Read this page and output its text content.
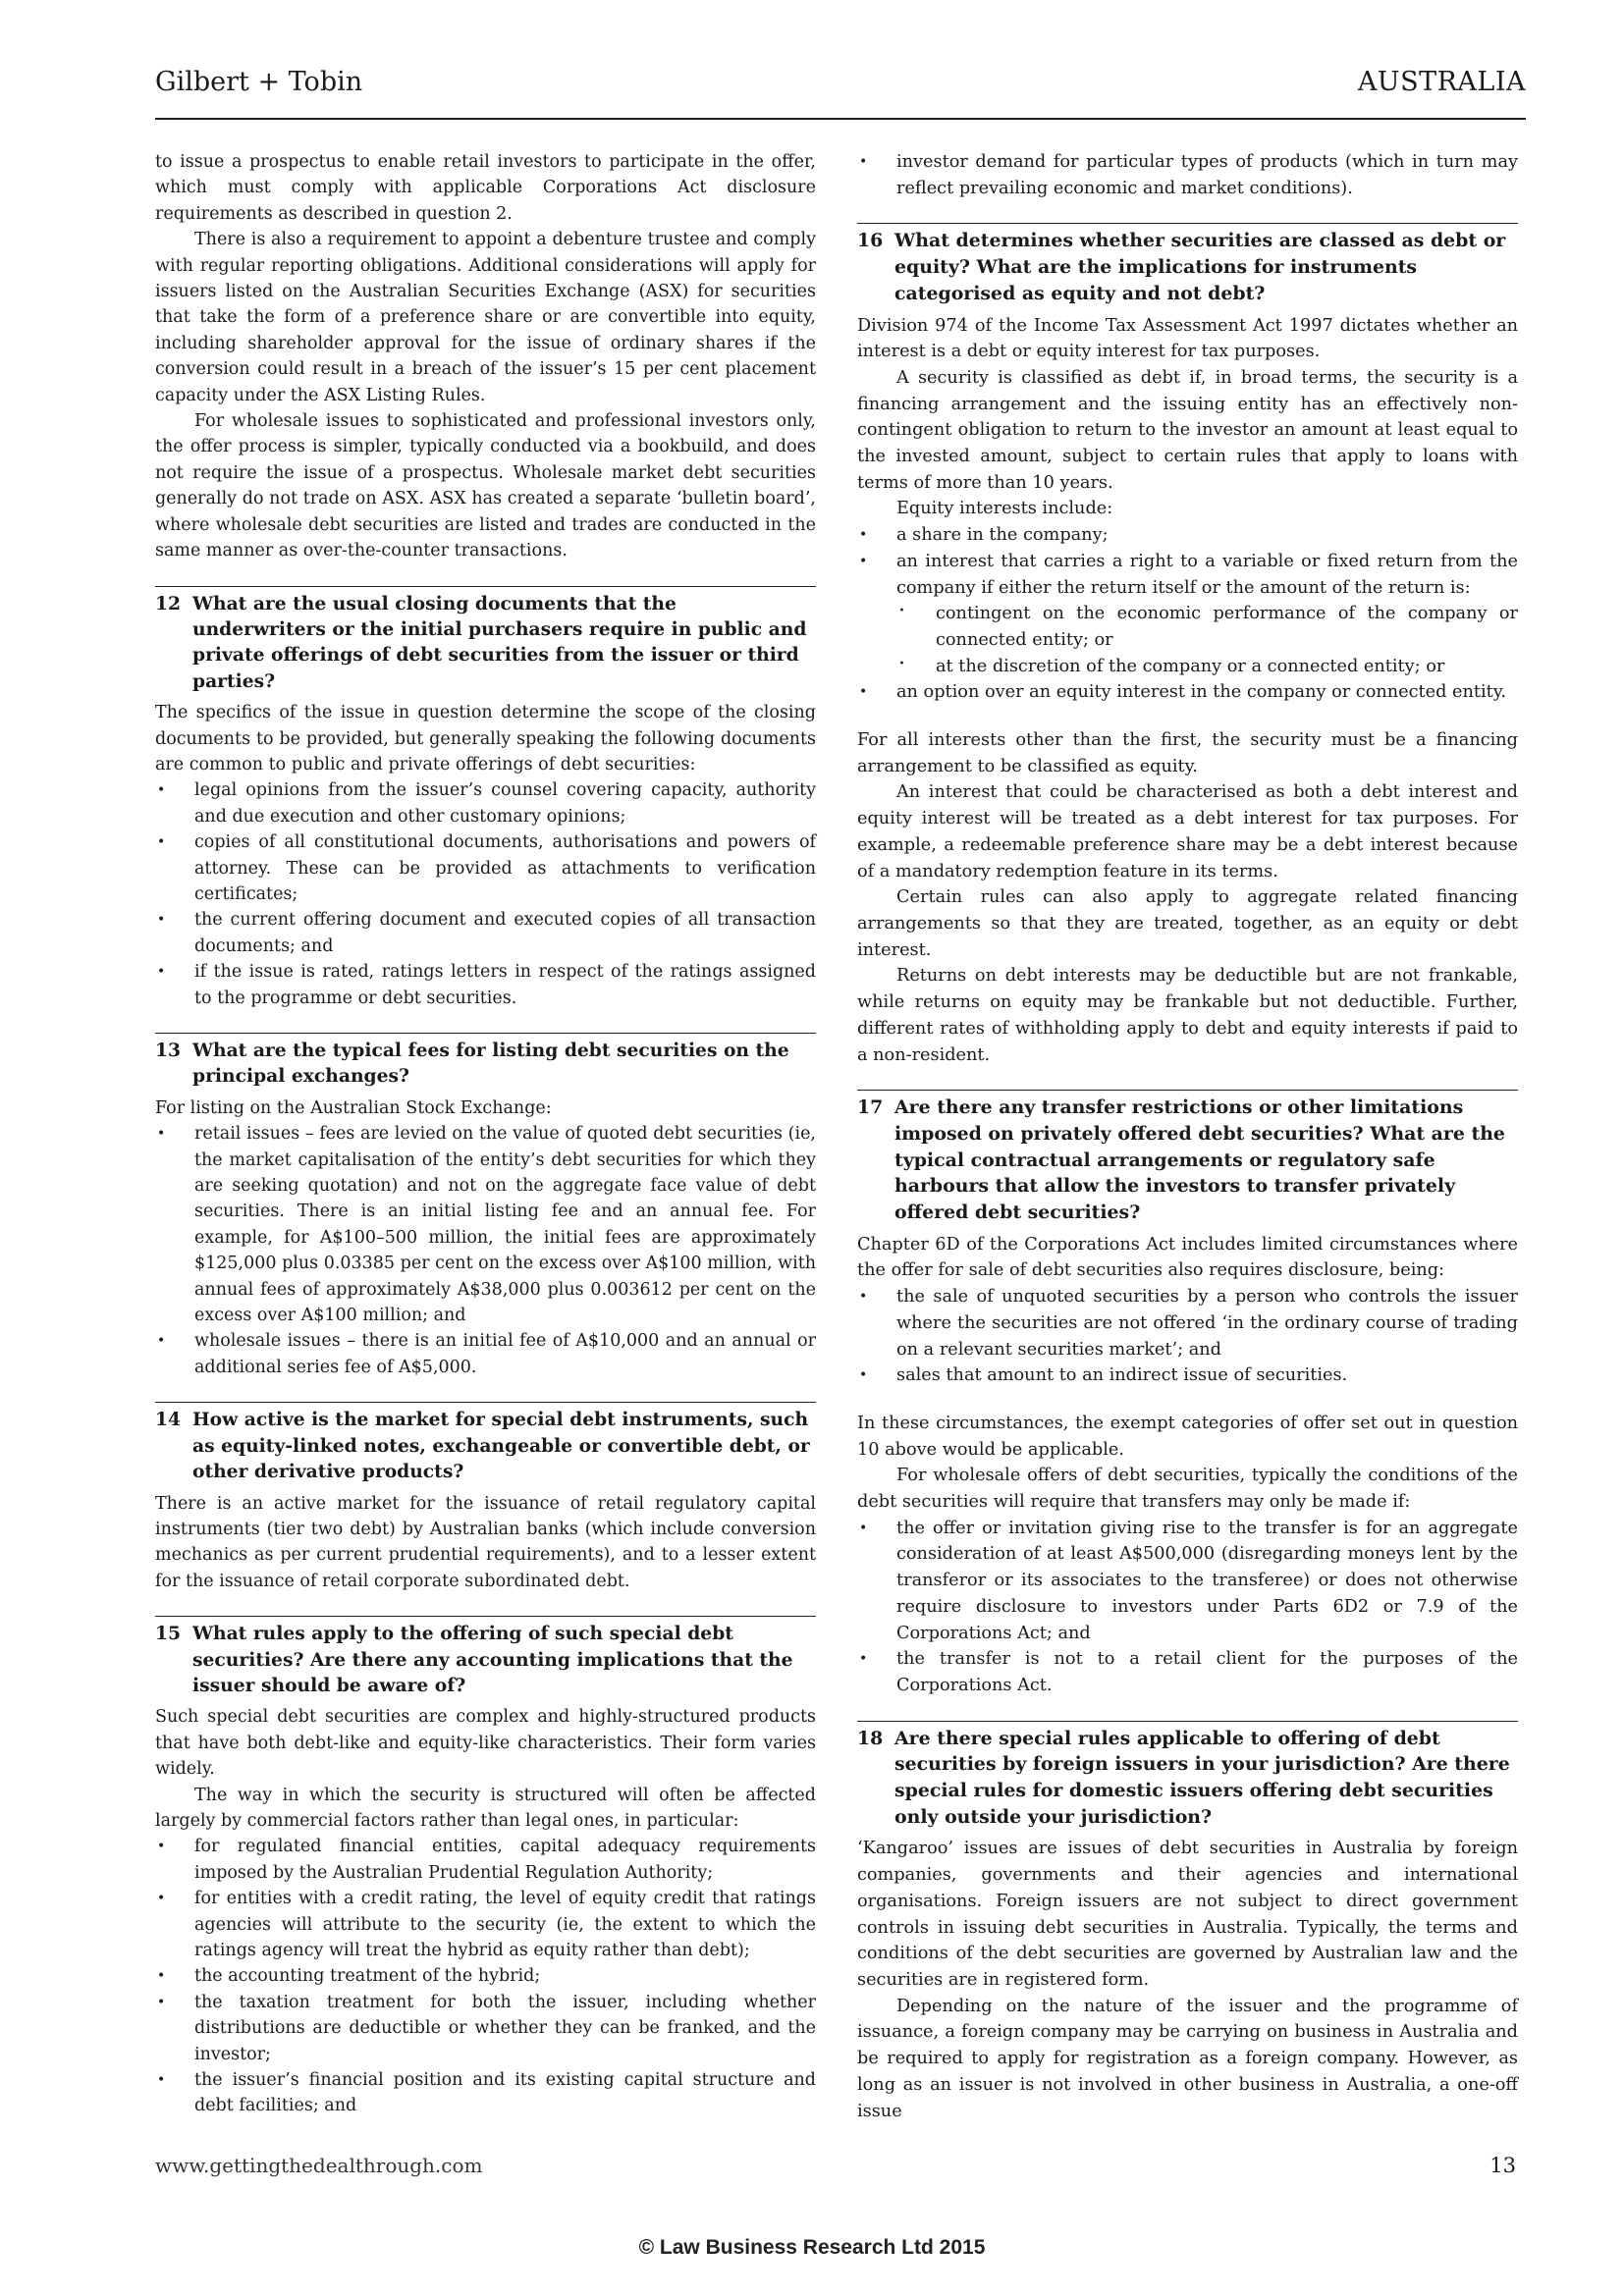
Gilbert + Tobin	AUSTRALIA

to issue a prospectus to enable retail investors to participate in the offer, which must comply with applicable Corporations Act disclosure requirements as described in question 2.

There is also a requirement to appoint a debenture trustee and comply with regular reporting obligations. Additional considerations will apply for issuers listed on the Australian Securities Exchange (ASX) for securities that take the form of a preference share or are convertible into equity, including shareholder approval for the issue of ordinary shares if the conversion could result in a breach of the issuer’s 15 per cent placement capacity under the ASX Listing Rules.

For wholesale issues to sophisticated and professional investors only, the offer process is simpler, typically conducted via a bookbuild, and does not require the issue of a prospectus. Wholesale market debt securities generally do not trade on ASX. ASX has created a separate ‘bulletin board’, where wholesale debt securities are listed and trades are conducted in the same manner as over-the-counter transactions.

12 What are the usual closing documents that the underwriters or the initial purchasers require in public and private offerings of debt securities from the issuer or third parties?

The specifics of the issue in question determine the scope of the closing documents to be provided, but generally speaking the following documents are common to public and private offerings of debt securities:

• legal opinions from the issuer’s counsel covering capacity, authority and due execution and other customary opinions;
• copies of all constitutional documents, authorisations and powers of attorney. These can be provided as attachments to verification certificates;
• the current offering document and executed copies of all transaction documents; and
• if the issue is rated, ratings letters in respect of the ratings assigned to the programme or debt securities.
13 What are the typical fees for listing debt securities on the principal exchanges?

For listing on the Australian Stock Exchange:

• retail issues – fees are levied on the value of quoted debt securities (ie, the market capitalisation of the entity’s debt securities for which they are seeking quotation) and not on the aggregate face value of debt securities. There is an initial listing fee and an annual fee. For example, for A$100–500 million, the initial fees are approximately $125,000 plus 0.03385 per cent on the excess over A$100 million, with annual fees of approximately A$38,000 plus 0.003612 per cent on the excess over A$100 million; and
• wholesale issues – there is an initial fee of A$10,000 and an annual or additional series fee of A$5,000.
14 How active is the market for special debt instruments, such as equity-linked notes, exchangeable or convertible debt, or other derivative products?

There is an active market for the issuance of retail regulatory capital instruments (tier two debt) by Australian banks (which include conversion mechanics as per current prudential requirements), and to a lesser extent for the issuance of retail corporate subordinated debt.

15 What rules apply to the offering of such special debt securities? Are there any accounting implications that the issuer should be aware of?

Such special debt securities are complex and highly-structured products that have both debt-like and equity-like characteristics. Their form varies widely.

The way in which the security is structured will often be affected largely by commercial factors rather than legal ones, in particular:

• for regulated financial entities, capital adequacy requirements imposed by the Australian Prudential Regulation Authority;
• for entities with a credit rating, the level of equity credit that ratings agencies will attribute to the security (ie, the extent to which the ratings agency will treat the hybrid as equity rather than debt);
• the accounting treatment of the hybrid;
• the taxation treatment for both the issuer, including whether distributions are deductible or whether they can be franked, and the investor;
• the issuer’s financial position and its existing capital structure and debt facilities; and
• investor demand for particular types of products (which in turn may reflect prevailing economic and market conditions).
16 What determines whether securities are classed as debt or equity? What are the implications for instruments categorised as equity and not debt?

Division 974 of the Income Tax Assessment Act 1997 dictates whether an interest is a debt or equity interest for tax purposes.

A security is classified as debt if, in broad terms, the security is a financing arrangement and the issuing entity has an effectively non-contingent obligation to return to the investor an amount at least equal to the invested amount, subject to certain rules that apply to loans with terms of more than 10 years.

Equity interests include:

• a share in the company;
• an interest that carries a right to a variable or fixed return from the company if either the return itself or the amount of the return is:
· contingent on the economic performance of the company or connected entity; or
· at the discretion of the company or a connected entity; or
• an option over an equity interest in the company or connected entity.

For all interests other than the first, the security must be a financing arrangement to be classified as equity.

An interest that could be characterised as both a debt interest and equity interest will be treated as a debt interest for tax purposes. For example, a redeemable preference share may be a debt interest because of a mandatory redemption feature in its terms.

Certain rules can also apply to aggregate related financing arrangements so that they are treated, together, as an equity or debt interest.

Returns on debt interests may be deductible but are not frankable, while returns on equity may be frankable but not deductible. Further, different rates of withholding apply to debt and equity interests if paid to a non-resident.

17 Are there any transfer restrictions or other limitations imposed on privately offered debt securities? What are the typical contractual arrangements or regulatory safe harbours that allow the investors to transfer privately offered debt securities?

Chapter 6D of the Corporations Act includes limited circumstances where the offer for sale of debt securities also requires disclosure, being:

• the sale of unquoted securities by a person who controls the issuer where the securities are not offered ‘in the ordinary course of trading on a relevant securities market’; and
• sales that amount to an indirect issue of securities.

In these circumstances, the exempt categories of offer set out in question 10 above would be applicable.

For wholesale offers of debt securities, typically the conditions of the debt securities will require that transfers may only be made if:

• the offer or invitation giving rise to the transfer is for an aggregate consideration of at least A$500,000 (disregarding moneys lent by the transferor or its associates to the transferee) or does not otherwise require disclosure to investors under Parts 6D2 or 7.9 of the Corporations Act; and
• the transfer is not to a retail client for the purposes of the Corporations Act.
18 Are there special rules applicable to offering of debt securities by foreign issuers in your jurisdiction? Are there special rules for domestic issuers offering debt securities only outside your jurisdiction?

‘Kangaroo’ issues are issues of debt securities in Australia by foreign companies, governments and their agencies and international organisations. Foreign issuers are not subject to direct government controls in issuing debt securities in Australia. Typically, the terms and conditions of the debt securities are governed by Australian law and the securities are in registered form.

Depending on the nature of the issuer and the programme of issuance, a foreign company may be carrying on business in Australia and be required to apply for registration as a foreign company. However, as long as an issuer is not involved in other business in Australia, a one-off issue

www.gettingthedealthrough.com	13
© Law Business Research Ltd 2015
